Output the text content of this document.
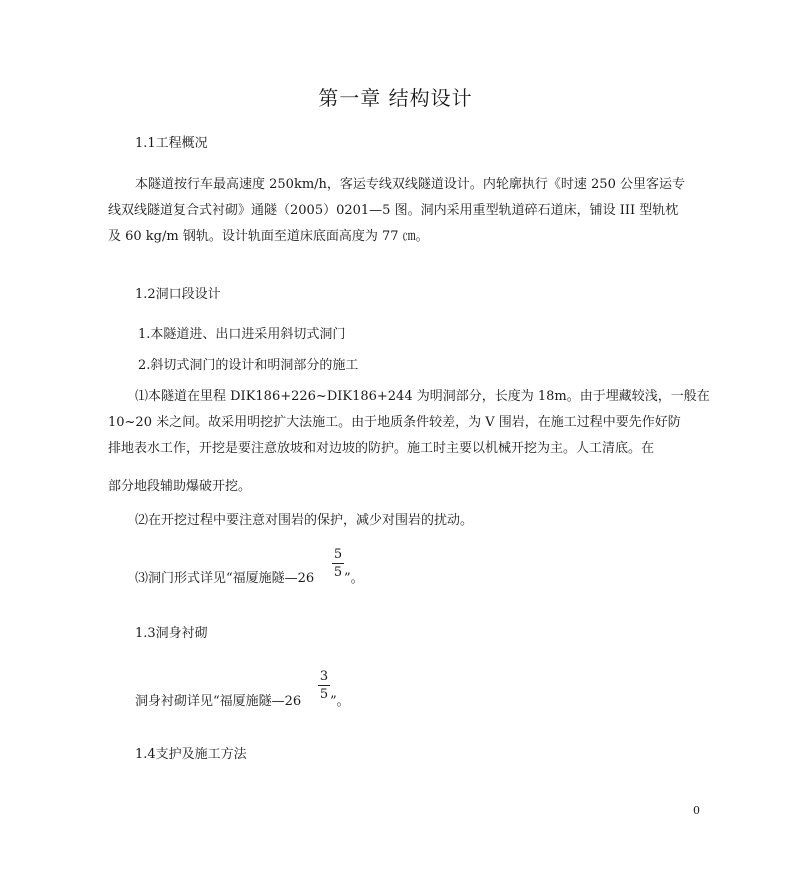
第一章 结构设计
1.1工程概况
本隧道按行车最高速度 250km/h，客运专线双线隧道设计。内轮廓执行《时速 250 公里客运专
线双线隧道复合式衬砌》通隧（2005）0201—5 图。洞内采用重型轨道碎石道床，铺设 III 型轨枕
及 60 kg/m 钢轨。设计轨面至道床底面高度为 77 ㎝。
1.2洞口段设计
1.本隧道进、出口进采用斜切式洞门
2.斜切式洞门的设计和明洞部分的施工
⑴本隧道在里程 DIK186+226~DIK186+244 为明洞部分，长度为 18m。由于埋藏较浅，一般在
10~20 米之间。故采用明挖扩大法施工。由于地质条件较差，为 V 围岩，在施工过程中要先作好防
排地表水工作，开挖是要注意放坡和对边坡的防护。施工时主要以机械开挖为主。人工清底。在
部分地段辅助爆破开挖。
⑵在开挖过程中要注意对围岩的保护，减少对围岩的扰动。
⑶洞门形式详见“福厦施隧—26
5
5 ”。
1.3洞身衬砌
洞身衬砌详见“福厦施隧—26
3
5 ”。
1.4支护及施工方法
0
